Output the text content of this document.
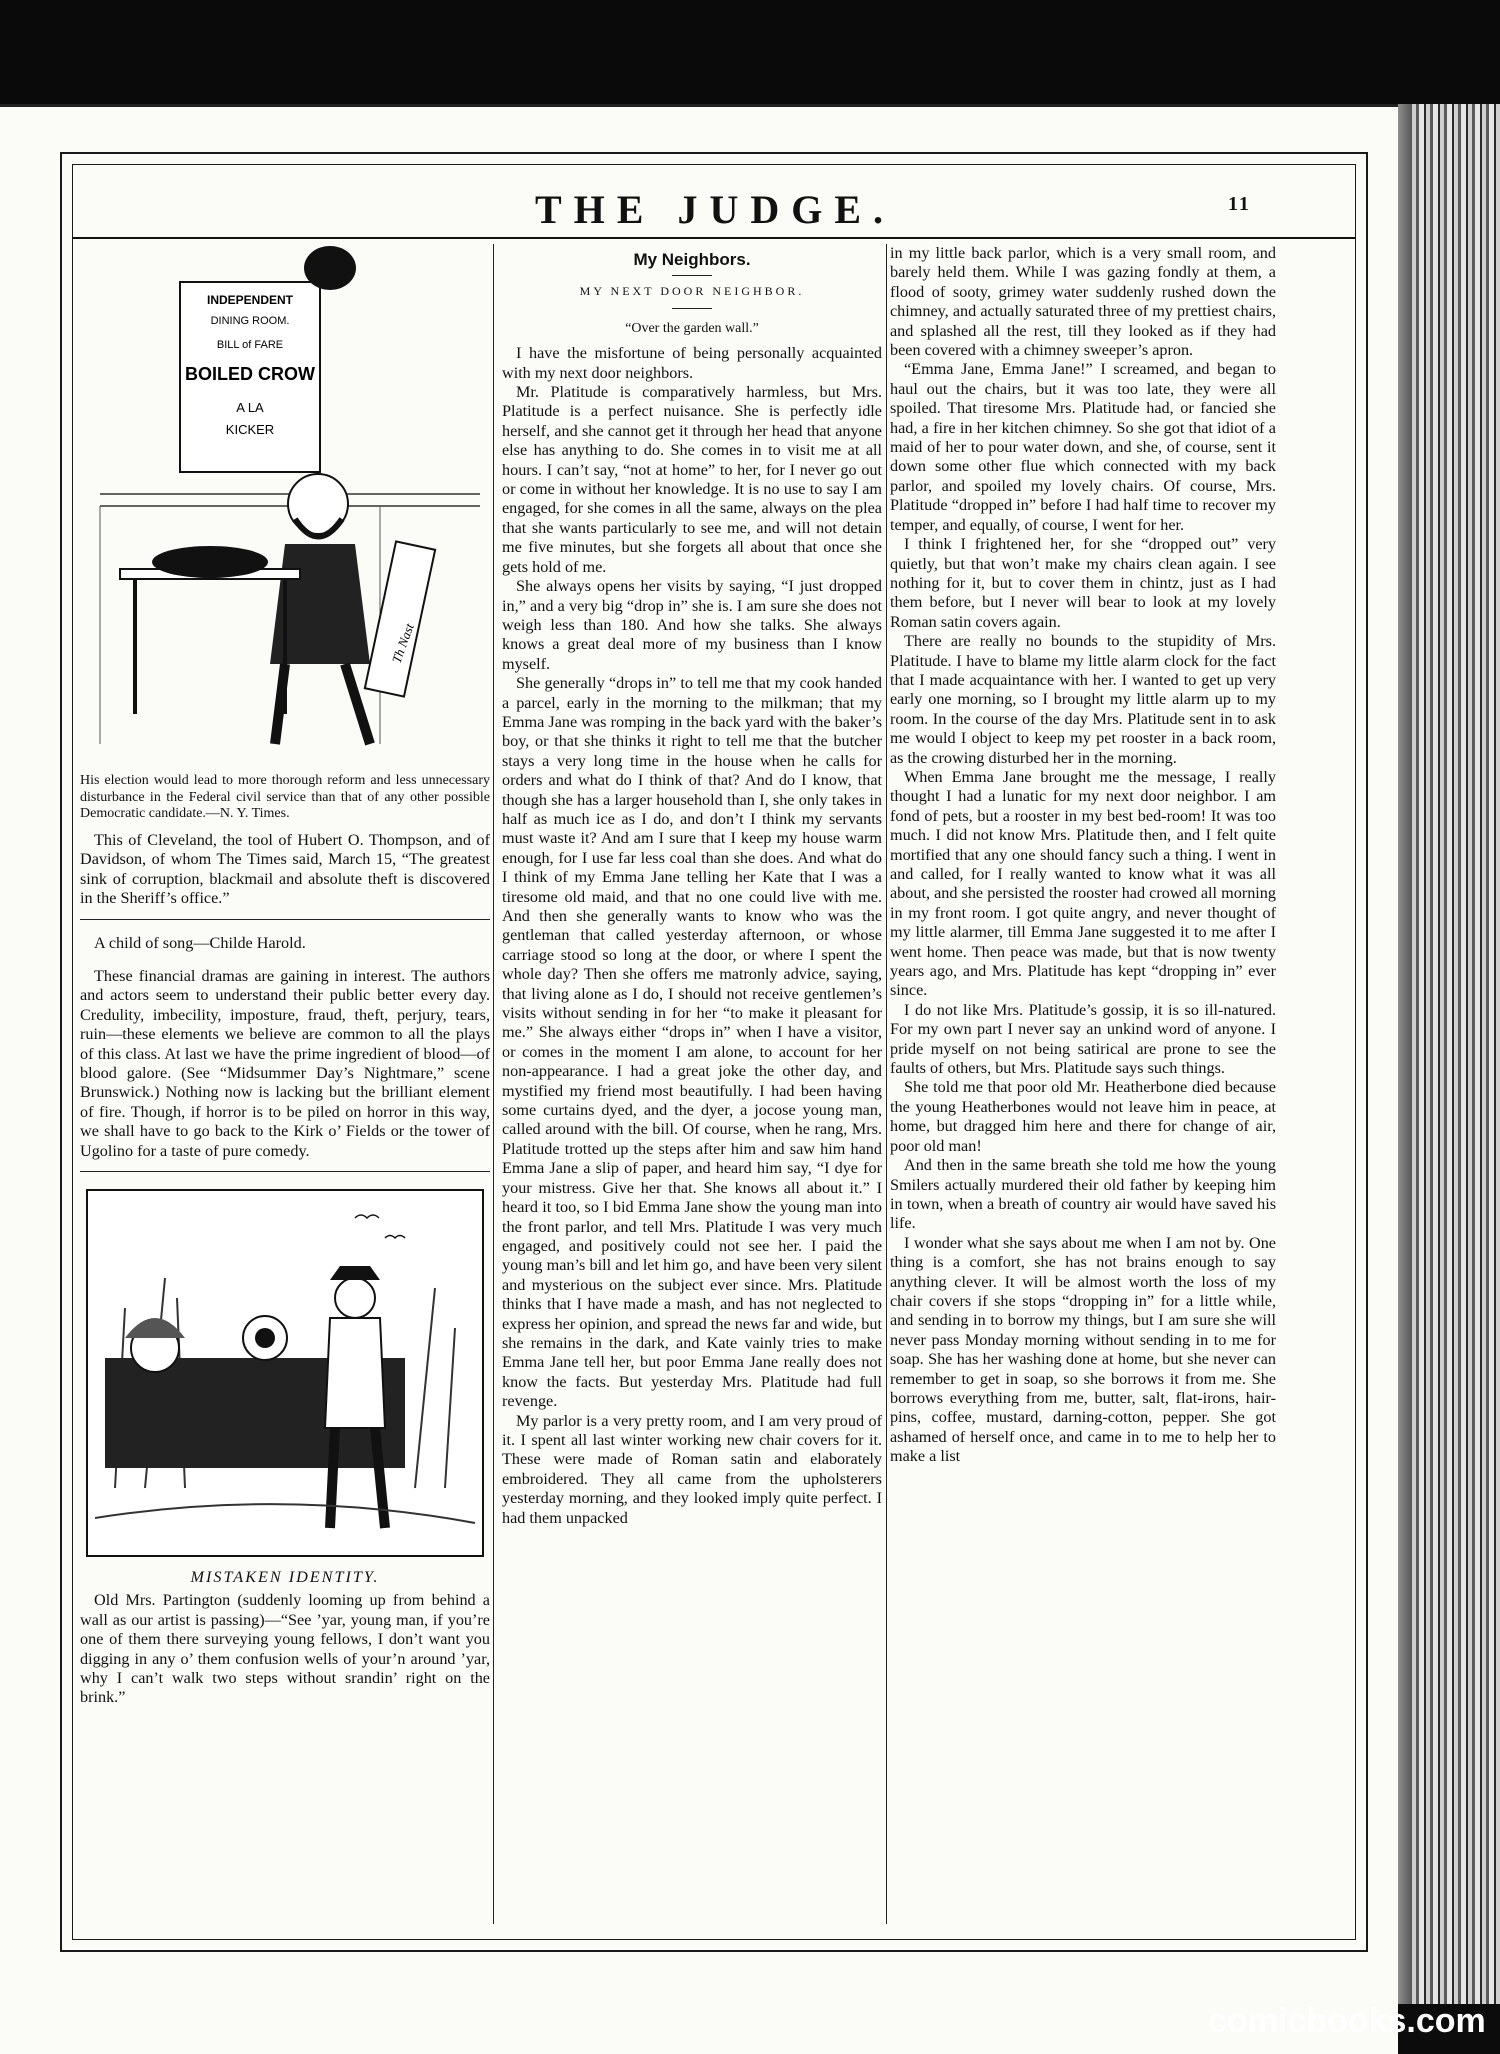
THE JUDGE.	11
INDEPENDENT
DINING ROOM.
BILL of FARE
BOILED CROW
A LA
KICKER
Th Nast
His election would lead to more thorough reform and less unnecessary disturbance in the Federal civil service than that of any other possible Democratic candidate.—N. Y. Times.

This of Cleveland, the tool of Hubert O. Thompson, and of Davidson, of whom The Times said, March 15, “The greatest sink of corruption, blackmail and absolute theft is discovered in the Sheriff’s office.”

A child of song—Childe Harold.

These financial dramas are gaining in interest. The authors and actors seem to understand their public better every day. Credulity, imbecility, imposture, fraud, theft, perjury, tears, ruin—these elements we believe are common to all the plays of this class. At last we have the prime ingredient of blood—of blood galore. (See “Midsummer Day’s Nightmare,” scene Brunswick.) Nothing now is lacking but the brilliant element of fire. Though, if horror is to be piled on horror in this way, we shall have to go back to the Kirk o’ Fields or the tower of Ugolino for a taste of pure comedy.

MISTAKEN IDENTITY.

Old Mrs. Partington (suddenly looming up from behind a wall as our artist is passing)—“See ’yar, young man, if you’re one of them there surveying young fellows, I don’t want you digging in any o’ them confusion wells of your’n around ’yar, why I can’t walk two steps without srandin’ right on the brink.”

My Neighbors.
MY NEXT DOOR NEIGHBOR.
“Over the garden wall.”

I have the misfortune of being personally acquainted with my next door neighbors.

Mr. Platitude is comparatively harmless, but Mrs. Platitude is a perfect nuisance. She is perfectly idle herself, and she cannot get it through her head that anyone else has anything to do. She comes in to visit me at all hours. I can’t say, “not at home” to her, for I never go out or come in without her knowledge. It is no use to say I am engaged, for she comes in all the same, always on the plea that she wants particularly to see me, and will not detain me five minutes, but she forgets all about that once she gets hold of me.

She always opens her visits by saying, “I just dropped in,” and a very big “drop in” she is. I am sure she does not weigh less than 180. And how she talks. She always knows a great deal more of my business than I know myself.

She generally “drops in” to tell me that my cook handed a parcel, early in the morning to the milkman; that my Emma Jane was romping in the back yard with the baker’s boy, or that she thinks it right to tell me that the butcher stays a very long time in the house when he calls for orders and what do I think of that? And do I know, that though she has a larger household than I, she only takes in half as much ice as I do, and don’t I think my servants must waste it? And am I sure that I keep my house warm enough, for I use far less coal than she does. And what do I think of my Emma Jane telling her Kate that I was a tiresome old maid, and that no one could live with me. And then she generally wants to know who was the gentleman that called yesterday afternoon, or whose carriage stood so long at the door, or where I spent the whole day? Then she offers me matronly advice, saying, that living alone as I do, I should not receive gentlemen’s visits without sending in for her “to make it pleasant for me.” She always either “drops in” when I have a visitor, or comes in the moment I am alone, to account for her non-appearance. I had a great joke the other day, and mystified my friend most beautifully. I had been having some curtains dyed, and the dyer, a jocose young man, called around with the bill. Of course, when he rang, Mrs. Platitude trotted up the steps after him and saw him hand Emma Jane a slip of paper, and heard him say, “I dye for your mistress. Give her that. She knows all about it.” I heard it too, so I bid Emma Jane show the young man into the front parlor, and tell Mrs. Platitude I was very much engaged, and positively could not see her. I paid the young man’s bill and let him go, and have been very silent and mysterious on the subject ever since. Mrs. Platitude thinks that I have made a mash, and has not neglected to express her opinion, and spread the news far and wide, but she remains in the dark, and Kate vainly tries to make Emma Jane tell her, but poor Emma Jane really does not know the facts. But yesterday Mrs. Platitude had full revenge.

My parlor is a very pretty room, and I am very proud of it. I spent all last winter working new chair covers for it. These were made of Roman satin and elaborately embroidered. They all came from the upholsterers yesterday morning, and they looked imply quite perfect. I had them unpacked

in my little back parlor, which is a very small room, and barely held them. While I was gazing fondly at them, a flood of sooty, grimey water suddenly rushed down the chimney, and actually saturated three of my prettiest chairs, and splashed all the rest, till they looked as if they had been covered with a chimney sweeper’s apron.

“Emma Jane, Emma Jane!” I screamed, and began to haul out the chairs, but it was too late, they were all spoiled. That tiresome Mrs. Platitude had, or fancied she had, a fire in her kitchen chimney. So she got that idiot of a maid of her to pour water down, and she, of course, sent it down some other flue which connected with my back parlor, and spoiled my lovely chairs. Of course, Mrs. Platitude “dropped in” before I had half time to recover my temper, and equally, of course, I went for her.

I think I frightened her, for she “dropped out” very quietly, but that won’t make my chairs clean again. I see nothing for it, but to cover them in chintz, just as I had them before, but I never will bear to look at my lovely Roman satin covers again.

There are really no bounds to the stupidity of Mrs. Platitude. I have to blame my little alarm clock for the fact that I made acquaintance with her. I wanted to get up very early one morning, so I brought my little alarm up to my room. In the course of the day Mrs. Platitude sent in to ask me would I object to keep my pet rooster in a back room, as the crowing disturbed her in the morning.

When Emma Jane brought me the message, I really thought I had a lunatic for my next door neighbor. I am fond of pets, but a rooster in my best bed-room! It was too much. I did not know Mrs. Platitude then, and I felt quite mortified that any one should fancy such a thing. I went in and called, for I really wanted to know what it was all about, and she persisted the rooster had crowed all morning in my front room. I got quite angry, and never thought of my little alarmer, till Emma Jane suggested it to me after I went home. Then peace was made, but that is now twenty years ago, and Mrs. Platitude has kept “dropping in” ever since.

I do not like Mrs. Platitude’s gossip, it is so ill-natured. For my own part I never say an unkind word of anyone. I pride myself on not being satirical are prone to see the faults of others, but Mrs. Platitude says such things.

She told me that poor old Mr. Heatherbone died because the young Heatherbones would not leave him in peace, at home, but dragged him here and there for change of air, poor old man!

And then in the same breath she told me how the young Smilers actually murdered their old father by keeping him in town, when a breath of country air would have saved his life.

I wonder what she says about me when I am not by. One thing is a comfort, she has not brains enough to say anything clever. It will be almost worth the loss of my chair covers if she stops “dropping in” for a little while, and sending in to borrow my things, but I am sure she will never pass Monday morning without sending in to me for soap. She has her washing done at home, but she never can remember to get in soap, so she borrows it from me. She borrows everything from me, butter, salt, flat-irons, hair-pins, coffee, mustard, darning-cotton, pepper. She got ashamed of herself once, and came in to me to help her to make a list

comicbooks.com
